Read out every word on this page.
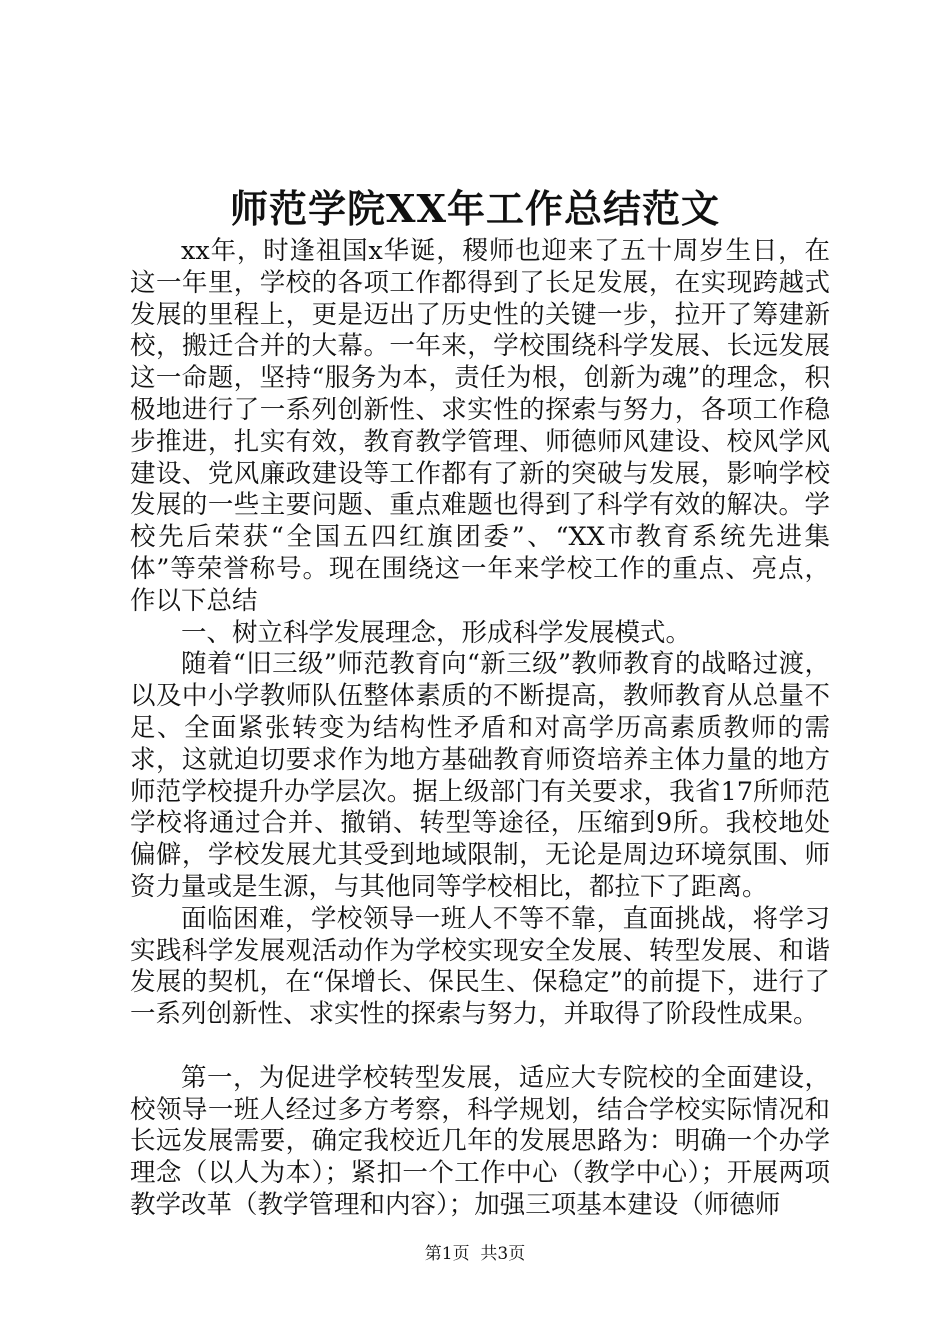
师范学院XX年工作总结范文

xx年，时逢祖国x华诞，稷师也迎来了五十周岁生日，在这一年里，学校的各项工作都得到了长足发展，在实现跨越式发展的里程上，更是迈出了历史性的关键一步，拉开了筹建新校，搬迁合并的大幕。一年来，学校围绕科学发展、长远发展这一命题，坚持“服务为本，责任为根，创新为魂”的理念，积极地进行了一系列创新性、求实性的探索与努力，各项工作稳步推进，扎实有效，教育教学管理、师德师风建设、校风学风建设、党风廉政建设等工作都有了新的突破与发展，影响学校发展的一些主要问题、重点难题也得到了科学有效的解决。学校先后荣获“全国五四红旗团委”、“XX市教育系统先进集体”等荣誉称号。现在围绕这一年来学校工作的重点、亮点，作以下总结

一、树立科学发展理念，形成科学发展模式。

随着“旧三级”师范教育向“新三级”教师教育的战略过渡，以及中小学教师队伍整体素质的不断提高，教师教育从总量不足、全面紧张转变为结构性矛盾和对高学历高素质教师的需求，这就迫切要求作为地方基础教育师资培养主体力量的地方师范学校提升办学层次。据上级部门有关要求，我省17所师范学校将通过合并、撤销、转型等途径，压缩到9所。我校地处偏僻，学校发展尤其受到地域限制，无论是周边环境氛围、师资力量或是生源，与其他同等学校相比，都拉下了距离。

面临困难，学校领导一班人不等不靠，直面挑战，将学习实践科学发展观活动作为学校实现安全发展、转型发展、和谐发展的契机，在“保增长、保民生、保稳定”的前提下，进行了一系列创新性、求实性的探索与努力，并取得了阶段性成果。

第一，为促进学校转型发展，适应大专院校的全面建设，校领导一班人经过多方考察，科学规划，结合学校实际情况和长远发展需要，确定我校近几年的发展思路为：明确一个办学理念（以人为本）；紧扣一个工作中心（教学中心）；开展两项教学改革（教学管理和内容）；加强三项基本建设（师德师

第1页 共3页
